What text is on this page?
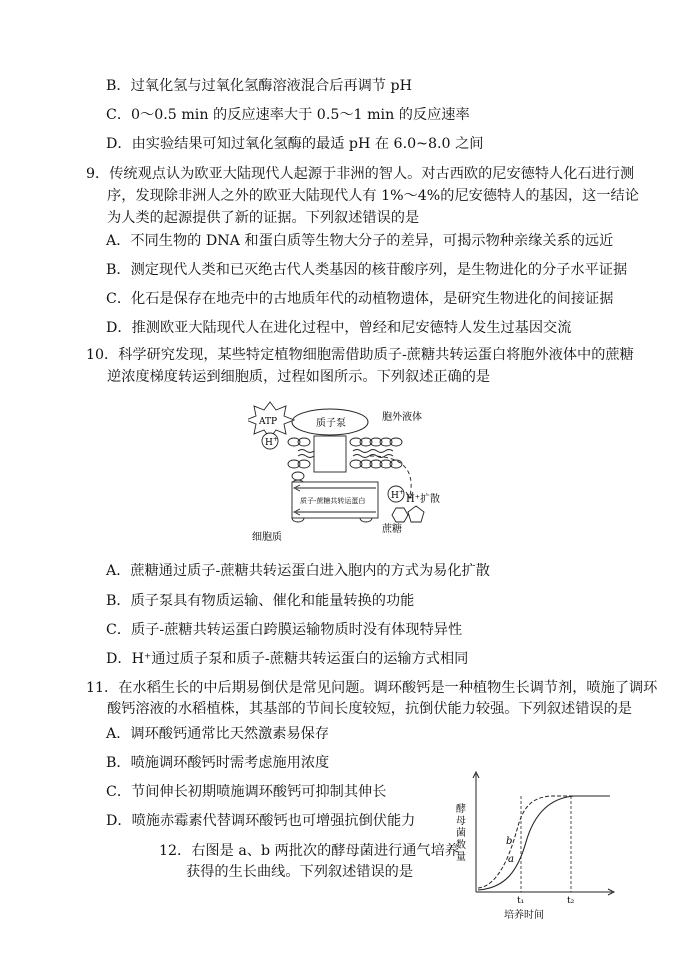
B．过氧化氢与过氧化氢酶溶液混合后再调节 pH
C．0～0.5 min 的反应速率大于 0.5～1 min 的反应速率
D．由实验结果可知过氧化氢酶的最适 pH 在 6.0~8.0 之间
9．传统观点认为欧亚大陆现代人起源于非洲的智人。对古西欧的尼安德特人化石进行测
序，发现除非洲人之外的欧亚大陆现代人有 1%～4%的尼安德特人的基因，这一结论
为人类的起源提供了新的证据。下列叙述错误的是
A．不同生物的 DNA 和蛋白质等生物大分子的差异，可揭示物种亲缘关系的远近
B．测定现代人类和已灭绝古代人类基因的核苷酸序列，是生物进化的分子水平证据
C．化石是保存在地壳中的古地质年代的动植物遗体，是研究生物进化的间接证据
D．推测欧亚大陆现代人在进化过程中，曾经和尼安德特人发生过基因交流
10．科学研究发现，某些特定植物细胞需借助质子-蔗糖共转运蛋白将胞外液体中的蔗糖
逆浓度梯度转运到细胞质，过程如图所示。下列叙述正确的是
质子泵
ATP
H+
胞外液体
质子-蔗糖共转运蛋白	H+
H⁺扩散
蔗糖
细胞质
A．蔗糖通过质子-蔗糖共转运蛋白进入胞内的方式为易化扩散
B．质子泵具有物质运输、催化和能量转换的功能
C．质子-蔗糖共转运蛋白跨膜运输物质时没有体现特异性
D．H⁺通过质子泵和质子-蔗糖共转运蛋白的运输方式相同
11．在水稻生长的中后期易倒伏是常见问题。调环酸钙是一种植物生长调节剂，喷施了调环
酸钙溶液的水稻植株，其基部的节间长度较短，抗倒伏能力较强。下列叙述错误的是
A．调环酸钙通常比天然激素易保存
B．喷施调环酸钙时需考虑施用浓度
C．节间伸长初期喷施调环酸钙可抑制其伸长
D．喷施赤霉素代替调环酸钙也可增强抗倒伏能力
12．右图是 a、b 两批次的酵母菌进行通气培养
获得的生长曲线。下列叙述错误的是
酵母菌数量
b
a
t₁	t₂
培养时间
